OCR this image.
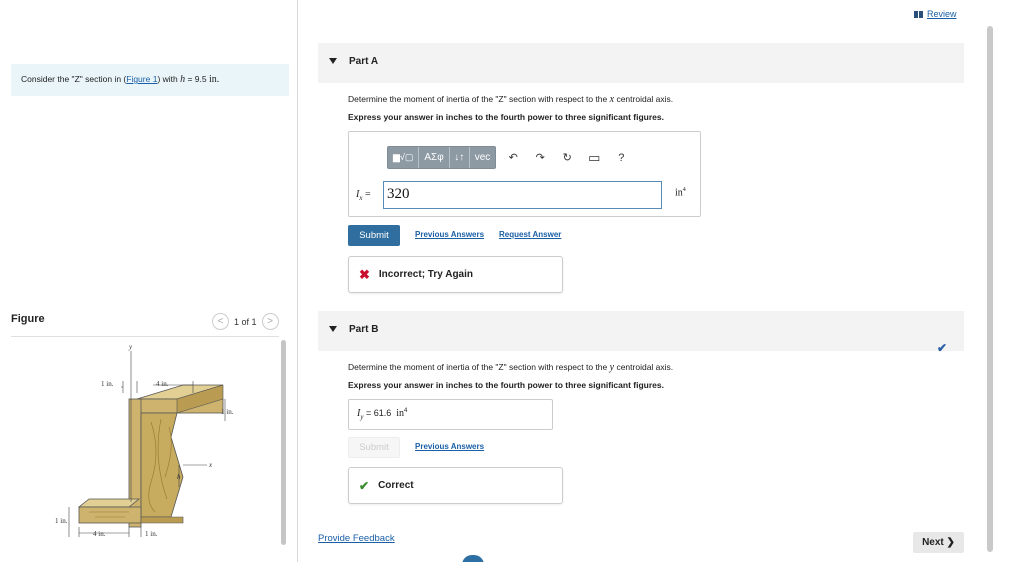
Consider the "Z" section in (Figure 1) with h = 9.5 in.
Figure	<	1 of 1	>
y
x
h
1 in.	4 in.
1 in.
1 in.
4 in.	1 in.
Review
Part A
Determine the moment of inertia of the "Z" section with respect to the x centroidal axis.
Express your answer in inches to the fourth power to three significant figures.
▆√▢	ΑΣφ	↓↑	vec	↶	↷	↻	▭	?
$I_x$ =	320	$in^4$
Submit	Previous Answers Request Answer
✖ Incorrect; Try Again
Part B
✔
Determine the moment of inertia of the "Z" section with respect to the y centroidal axis.
Express your answer in inches to the fourth power to three significant figures.
$I_y = 61.6$ $in^4$
Submit	Previous Answers
✔ Correct
Provide Feedback	Next ❯
